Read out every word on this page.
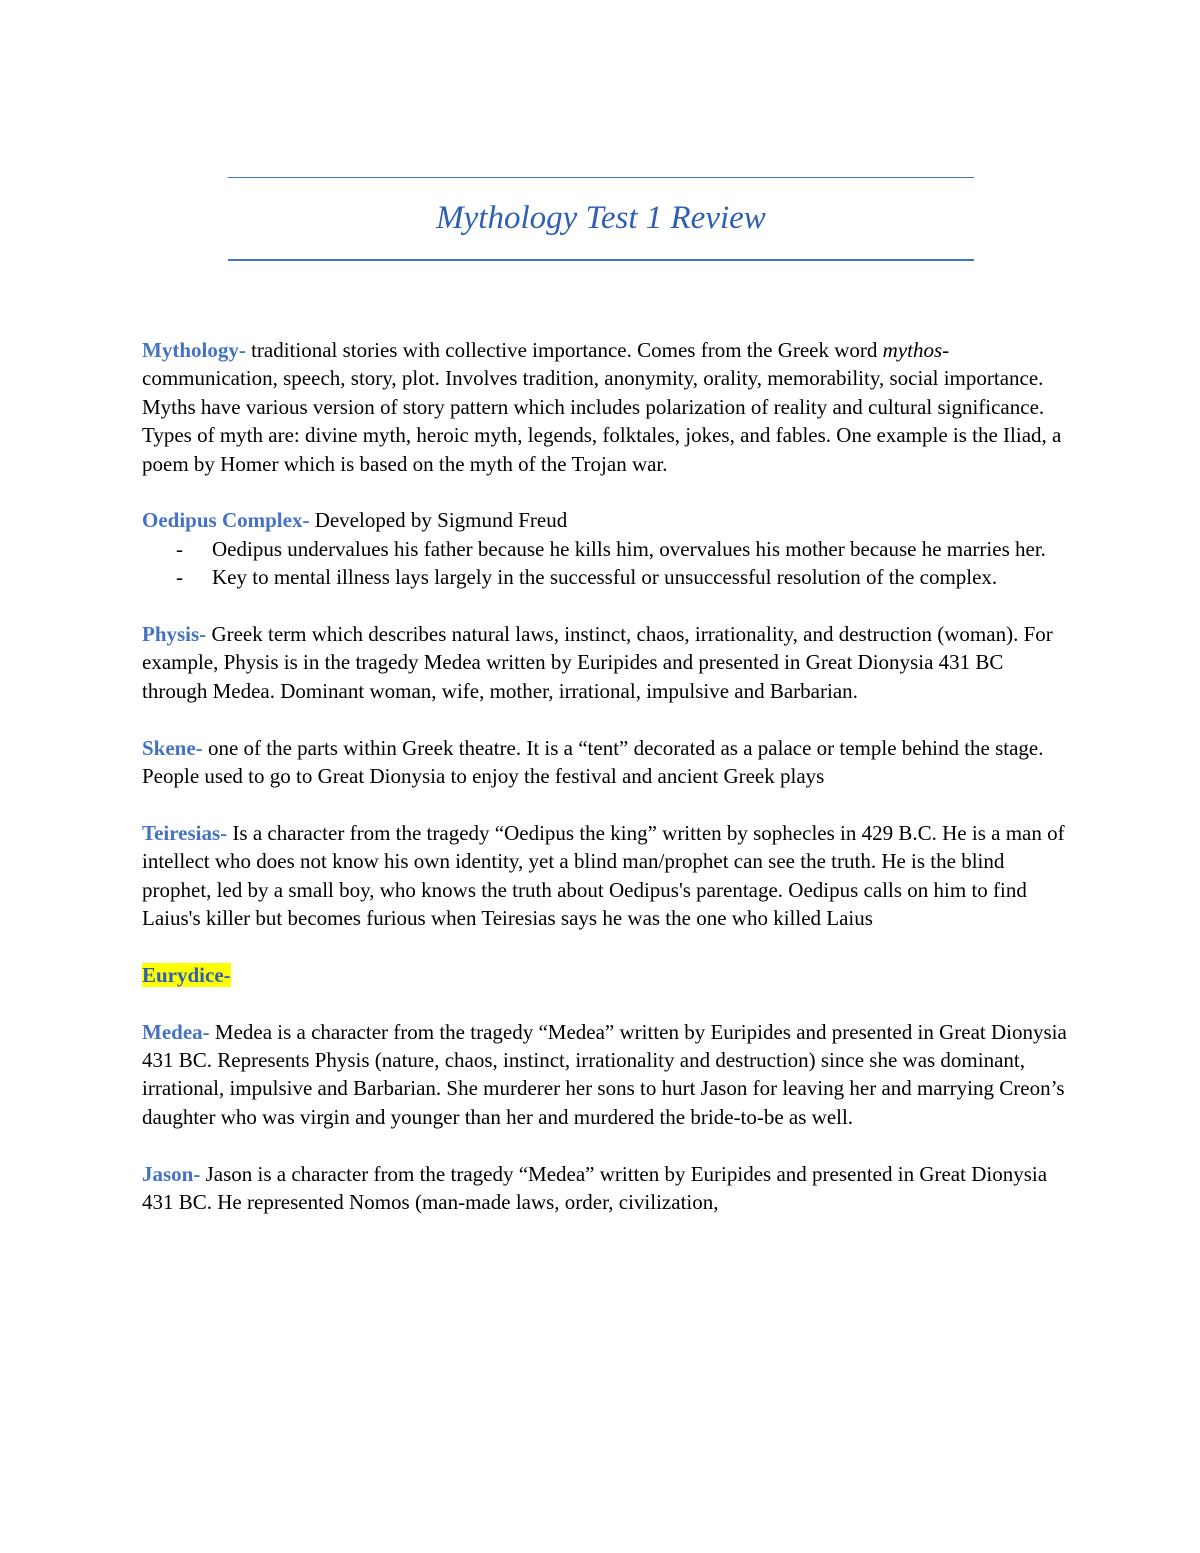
Mythology Test 1 Review

Mythology- traditional stories with collective importance. Comes from the Greek word mythos- communication, speech, story, plot. Involves tradition, anonymity, orality, memorability, social importance. Myths have various version of story pattern which includes polarization of reality and cultural significance. Types of myth are: divine myth, heroic myth, legends, folktales, jokes, and fables. One example is the Iliad, a poem by Homer which is based on the myth of the Trojan war.

Oedipus Complex- Developed by Sigmund Freud

- Oedipus undervalues his father because he kills him, overvalues his mother because he marries her.
- Key to mental illness lays largely in the successful or unsuccessful resolution of the complex.

Physis- Greek term which describes natural laws, instinct, chaos, irrationality, and destruction (woman). For example, Physis is in the tragedy Medea written by Euripides and presented in Great Dionysia 431 BC through Medea. Dominant woman, wife, mother, irrational, impulsive and Barbarian.

Skene- one of the parts within Greek theatre. It is a “tent” decorated as a palace or temple behind the stage. People used to go to Great Dionysia to enjoy the festival and ancient Greek plays

Teiresias- Is a character from the tragedy “Oedipus the king” written by sophecles in 429 B.C. He is a man of intellect who does not know his own identity, yet a blind man/prophet can see the truth. He is the blind prophet, led by a small boy, who knows the truth about Oedipus's parentage. Oedipus calls on him to find Laius's killer but becomes furious when Teiresias says he was the one who killed Laius

Eurydice-

Medea- Medea is a character from the tragedy “Medea” written by Euripides and presented in Great Dionysia 431 BC. Represents Physis (nature, chaos, instinct, irrationality and destruction) since she was dominant, irrational, impulsive and Barbarian. She murderer her sons to hurt Jason for leaving her and marrying Creon’s daughter who was virgin and younger than her and murdered the bride-to-be as well.

Jason- Jason is a character from the tragedy “Medea” written by Euripides and presented in Great Dionysia 431 BC. He represented Nomos (man-made laws, order, civilization,
